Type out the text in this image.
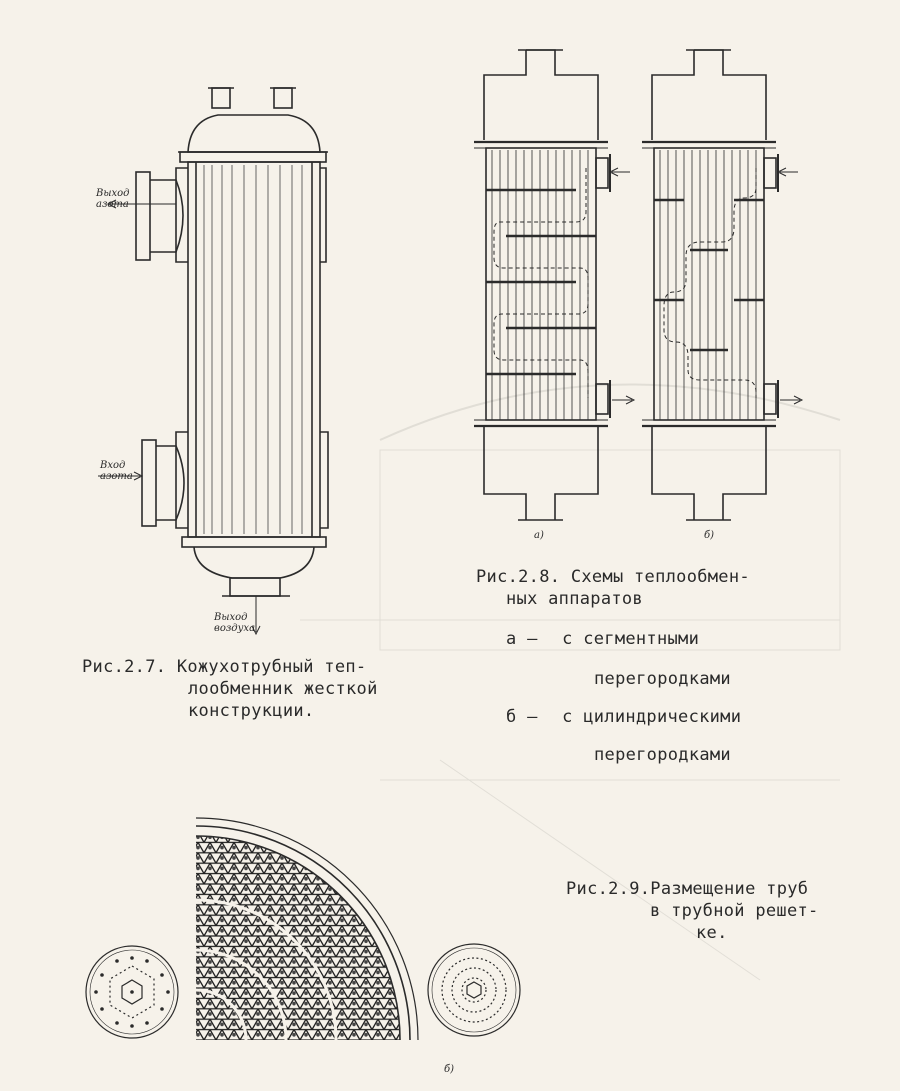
Выход
азота
Вход
азота
Выход
воздуха
Рис.2.7. Кожухотрубный теп-
лообменник жесткой
конструкции.
а)	б)
Рис.2.8. Схемы теплообмен-
ных аппаратов
а – с сегментными
перегородками
б – с цилиндрическими
перегородками
б)
Рис.2.9.Размещение труб
в трубной решет-
ке.
